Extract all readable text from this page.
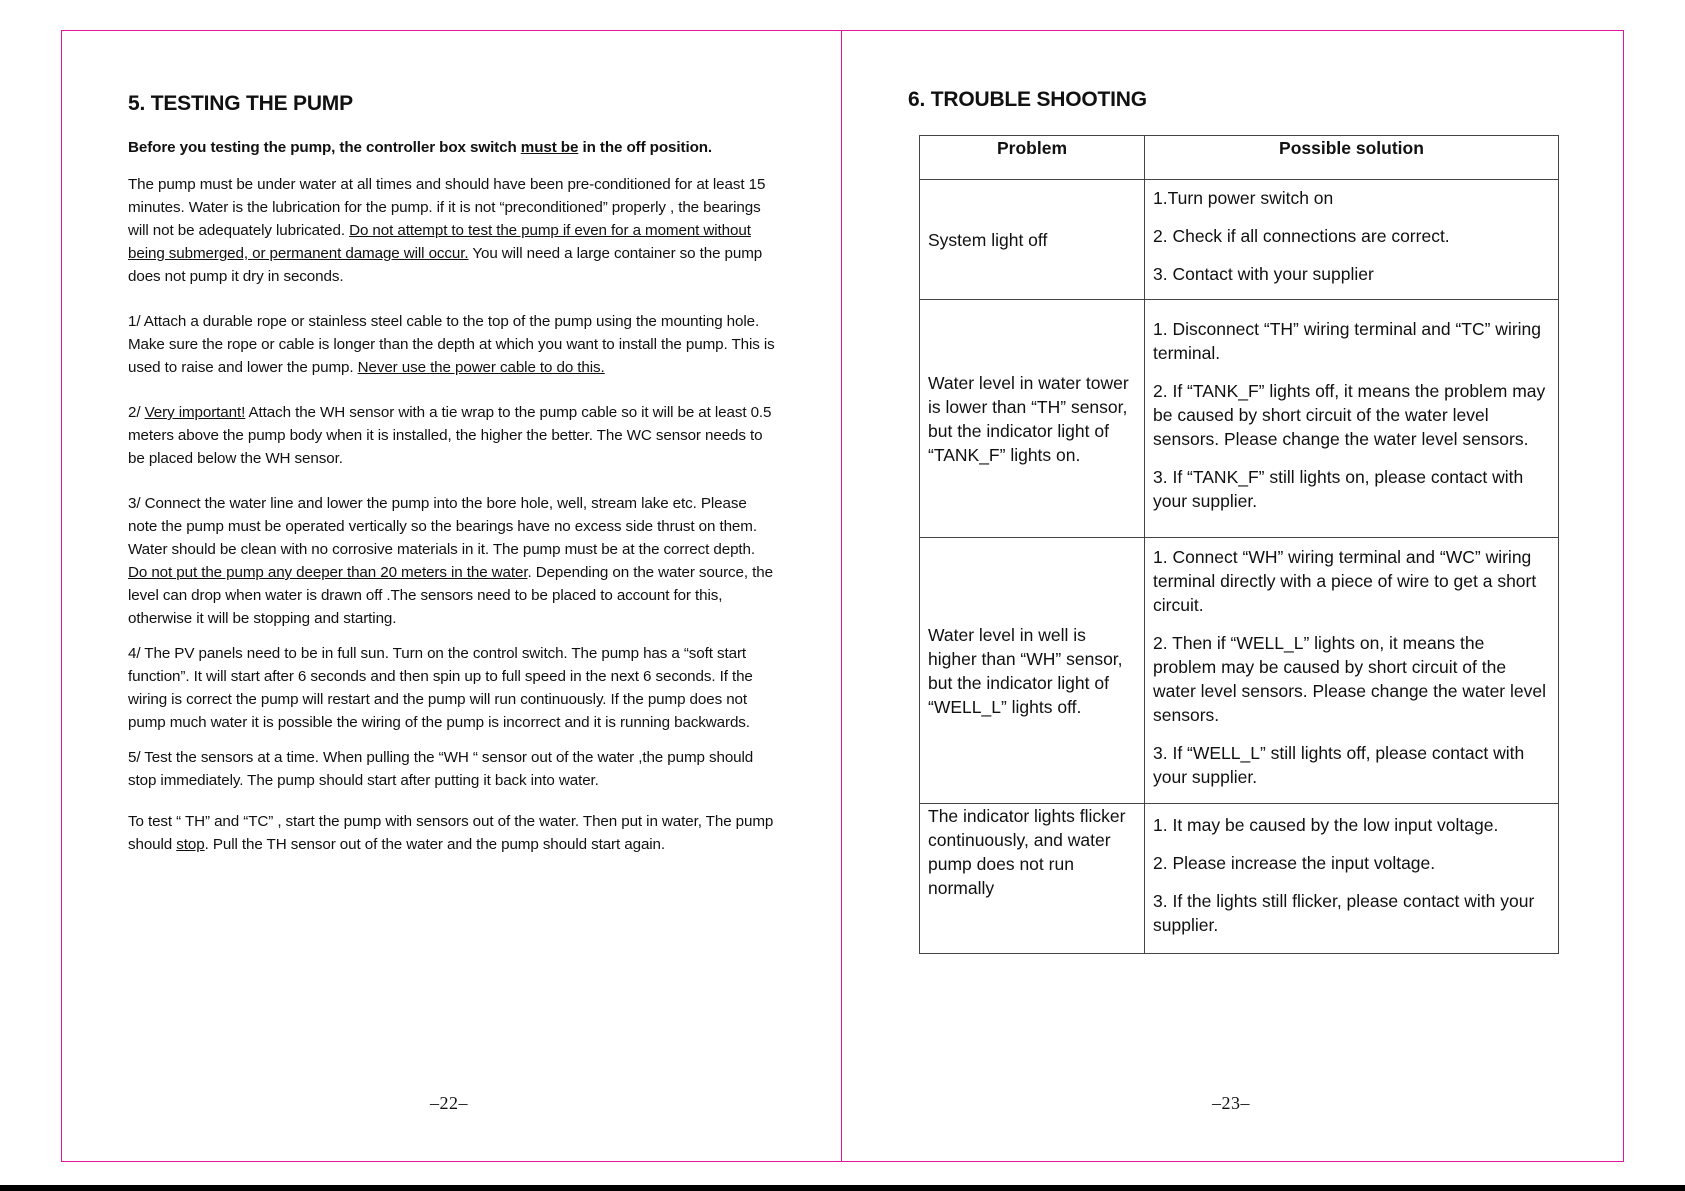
5. TESTING THE PUMP

Before you testing the pump, the controller box switch must be in the off position.

The pump must be under water at all times and should have been pre-conditioned for at least 15 minutes. Water is the lubrication for the pump. if it is not “preconditioned” properly , the bearings will not be adequately lubricated. Do not attempt to test the pump if even for a moment without being submerged, or permanent damage will occur. You will need a large container so the pump does not pump it dry in seconds.

1/ Attach a durable rope or stainless steel cable to the top of the pump using the mounting hole. Make sure the rope or cable is longer than the depth at which you want to install the pump. This is used to raise and lower the pump. Never use the power cable to do this.

2/ Very important! Attach the WH sensor with a tie wrap to the pump cable so it will be at least 0.5 meters above the pump body when it is installed, the higher the better. The WC sensor needs to be placed below the WH sensor.

3/ Connect the water line and lower the pump into the bore hole, well, stream lake etc. Please note the pump must be operated vertically so the bearings have no excess side thrust on them. Water should be clean with no corrosive materials in it. The pump must be at the correct depth. Do not put the pump any deeper than 20 meters in the water. Depending on the water source, the level can drop when water is drawn off .The sensors need to be placed to account for this, otherwise it will be stopping and starting.

4/ The PV panels need to be in full sun. Turn on the control switch. The pump has a “soft start function”. It will start after 6 seconds and then spin up to full speed in the next 6 seconds. If the wiring is correct the pump will restart and the pump will run continuously. If the pump does not pump much water it is possible the wiring of the pump is incorrect and it is running backwards.

5/ Test the sensors at a time. When pulling the “WH “ sensor out of the water ,the pump should stop immediately. The pump should start after putting it back into water.

To test “ TH” and “TC” , start the pump with sensors out of the water. Then put in water, The pump should stop. Pull the TH sensor out of the water and the pump should start again.

–22–
6. TROUBLE SHOOTING
Problem	Possible solution
System light off	1.Turn power switch on

2. Check if all connections are correct.

3. Contact with your supplier

Water level in water tower is lower than “TH” sensor, but the indicator light of “TANK_F” lights on.	1. Disconnect “TH” wiring terminal and “TC” wiring terminal.

2. If “TANK_F” lights off, it means the problem may be caused by short circuit of the water level sensors. Please change the water level sensors.

3. If “TANK_F” still lights on, please contact with your supplier.

Water level in well is higher than “WH” sensor, but the indicator light of “WELL_L” lights off.	1. Connect “WH” wiring terminal and “WC” wiring terminal directly with a piece of wire to get a short circuit.

2. Then if “WELL_L” lights on, it means the problem may be caused by short circuit of the water level sensors. Please change the water level sensors.

3. If “WELL_L” still lights off, please contact with your supplier.

The indicator lights flicker continuously, and water pump does not run normally	1. It may be caused by the low input voltage.

2. Please increase the input voltage.

3. If the lights still flicker, please contact with your supplier.

–23–
